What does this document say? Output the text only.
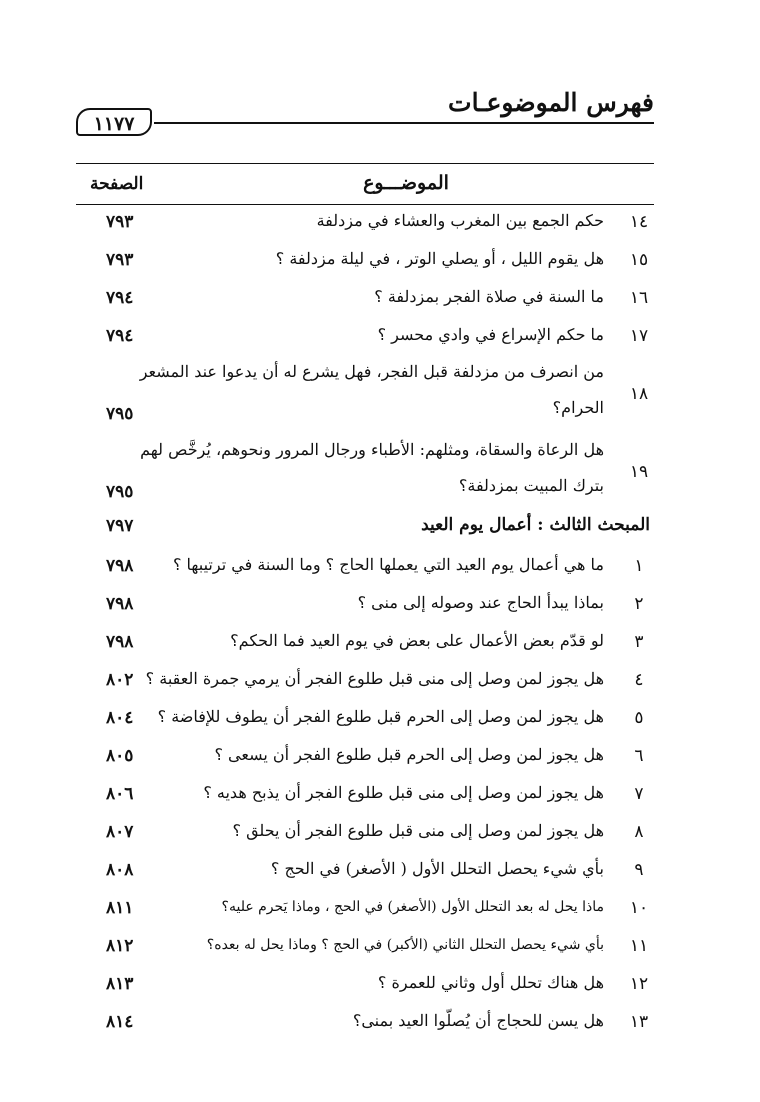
فهرس الموضوعـات
١١٧٧
الصفحة	الموضـــوع
١٤
حكم الجمع بين المغرب والعشاء في مزدلفة
٧٩٣
١٥
هل يقوم الليل ، أو يصلي الوتر ، في ليلة مزدلفة ؟
٧٩٣
١٦
ما السنة في صلاة الفجر بمزدلفة ؟
٧٩٤
١٧
ما حكم الإسراع في وادي محسر ؟
٧٩٤
١٨
من انصرف من مزدلفة قبل الفجر، فهل يشرع له أن يدعوا عند المشعر
الحرام؟
٧٩٥
١٩
هل الرعاة والسقاة، ومثلهم: الأطباء ورجال المرور ونحوهم، يُرخَّص لهم
بترك المبيت بمزدلفة؟
٧٩٥
المبحث الثالث : أعمال يوم العيد
٧٩٧
١
ما هي أعمال يوم العيد التي يعملها الحاج ؟ وما السنة في ترتيبها ؟
٧٩٨
٢
بماذا يبدأ الحاج عند وصوله إلى منى ؟
٧٩٨
٣
لو قدّم بعض الأعمال على بعض في يوم العيد فما الحكم؟
٧٩٨
٤
هل يجوز لمن وصل إلى منى قبل طلوع الفجر أن يرمي جمرة العقبة ؟
٨٠٢
٥
هل يجوز لمن وصل إلى الحرم قبل طلوع الفجر أن يطوف للإفاضة ؟
٨٠٤
٦
هل يجوز لمن وصل إلى الحرم قبل طلوع الفجر أن يسعى ؟
٨٠٥
٧
هل يجوز لمن وصل إلى منى قبل طلوع الفجر أن يذبح هديه ؟
٨٠٦
٨
هل يجوز لمن وصل إلى منى قبل طلوع الفجر أن يحلق ؟
٨٠٧
٩
بأي شيء يحصل التحلل الأول ( الأصغر) في الحج ؟
٨٠٨
١٠
ماذا يحل له بعد التحلل الأول (الأصغر) في الحج ، وماذا يَحرم عليه؟
٨١١
١١
بأي شيء يحصل التحلل الثاني (الأكبر) في الحج ؟ وماذا يحل له بعده؟
٨١٢
١٢
هل هناك تحلل أول وثاني للعمرة ؟
٨١٣
١٣
هل يسن للحجاج أن يُصلّوا العيد بمنى؟
٨١٤
